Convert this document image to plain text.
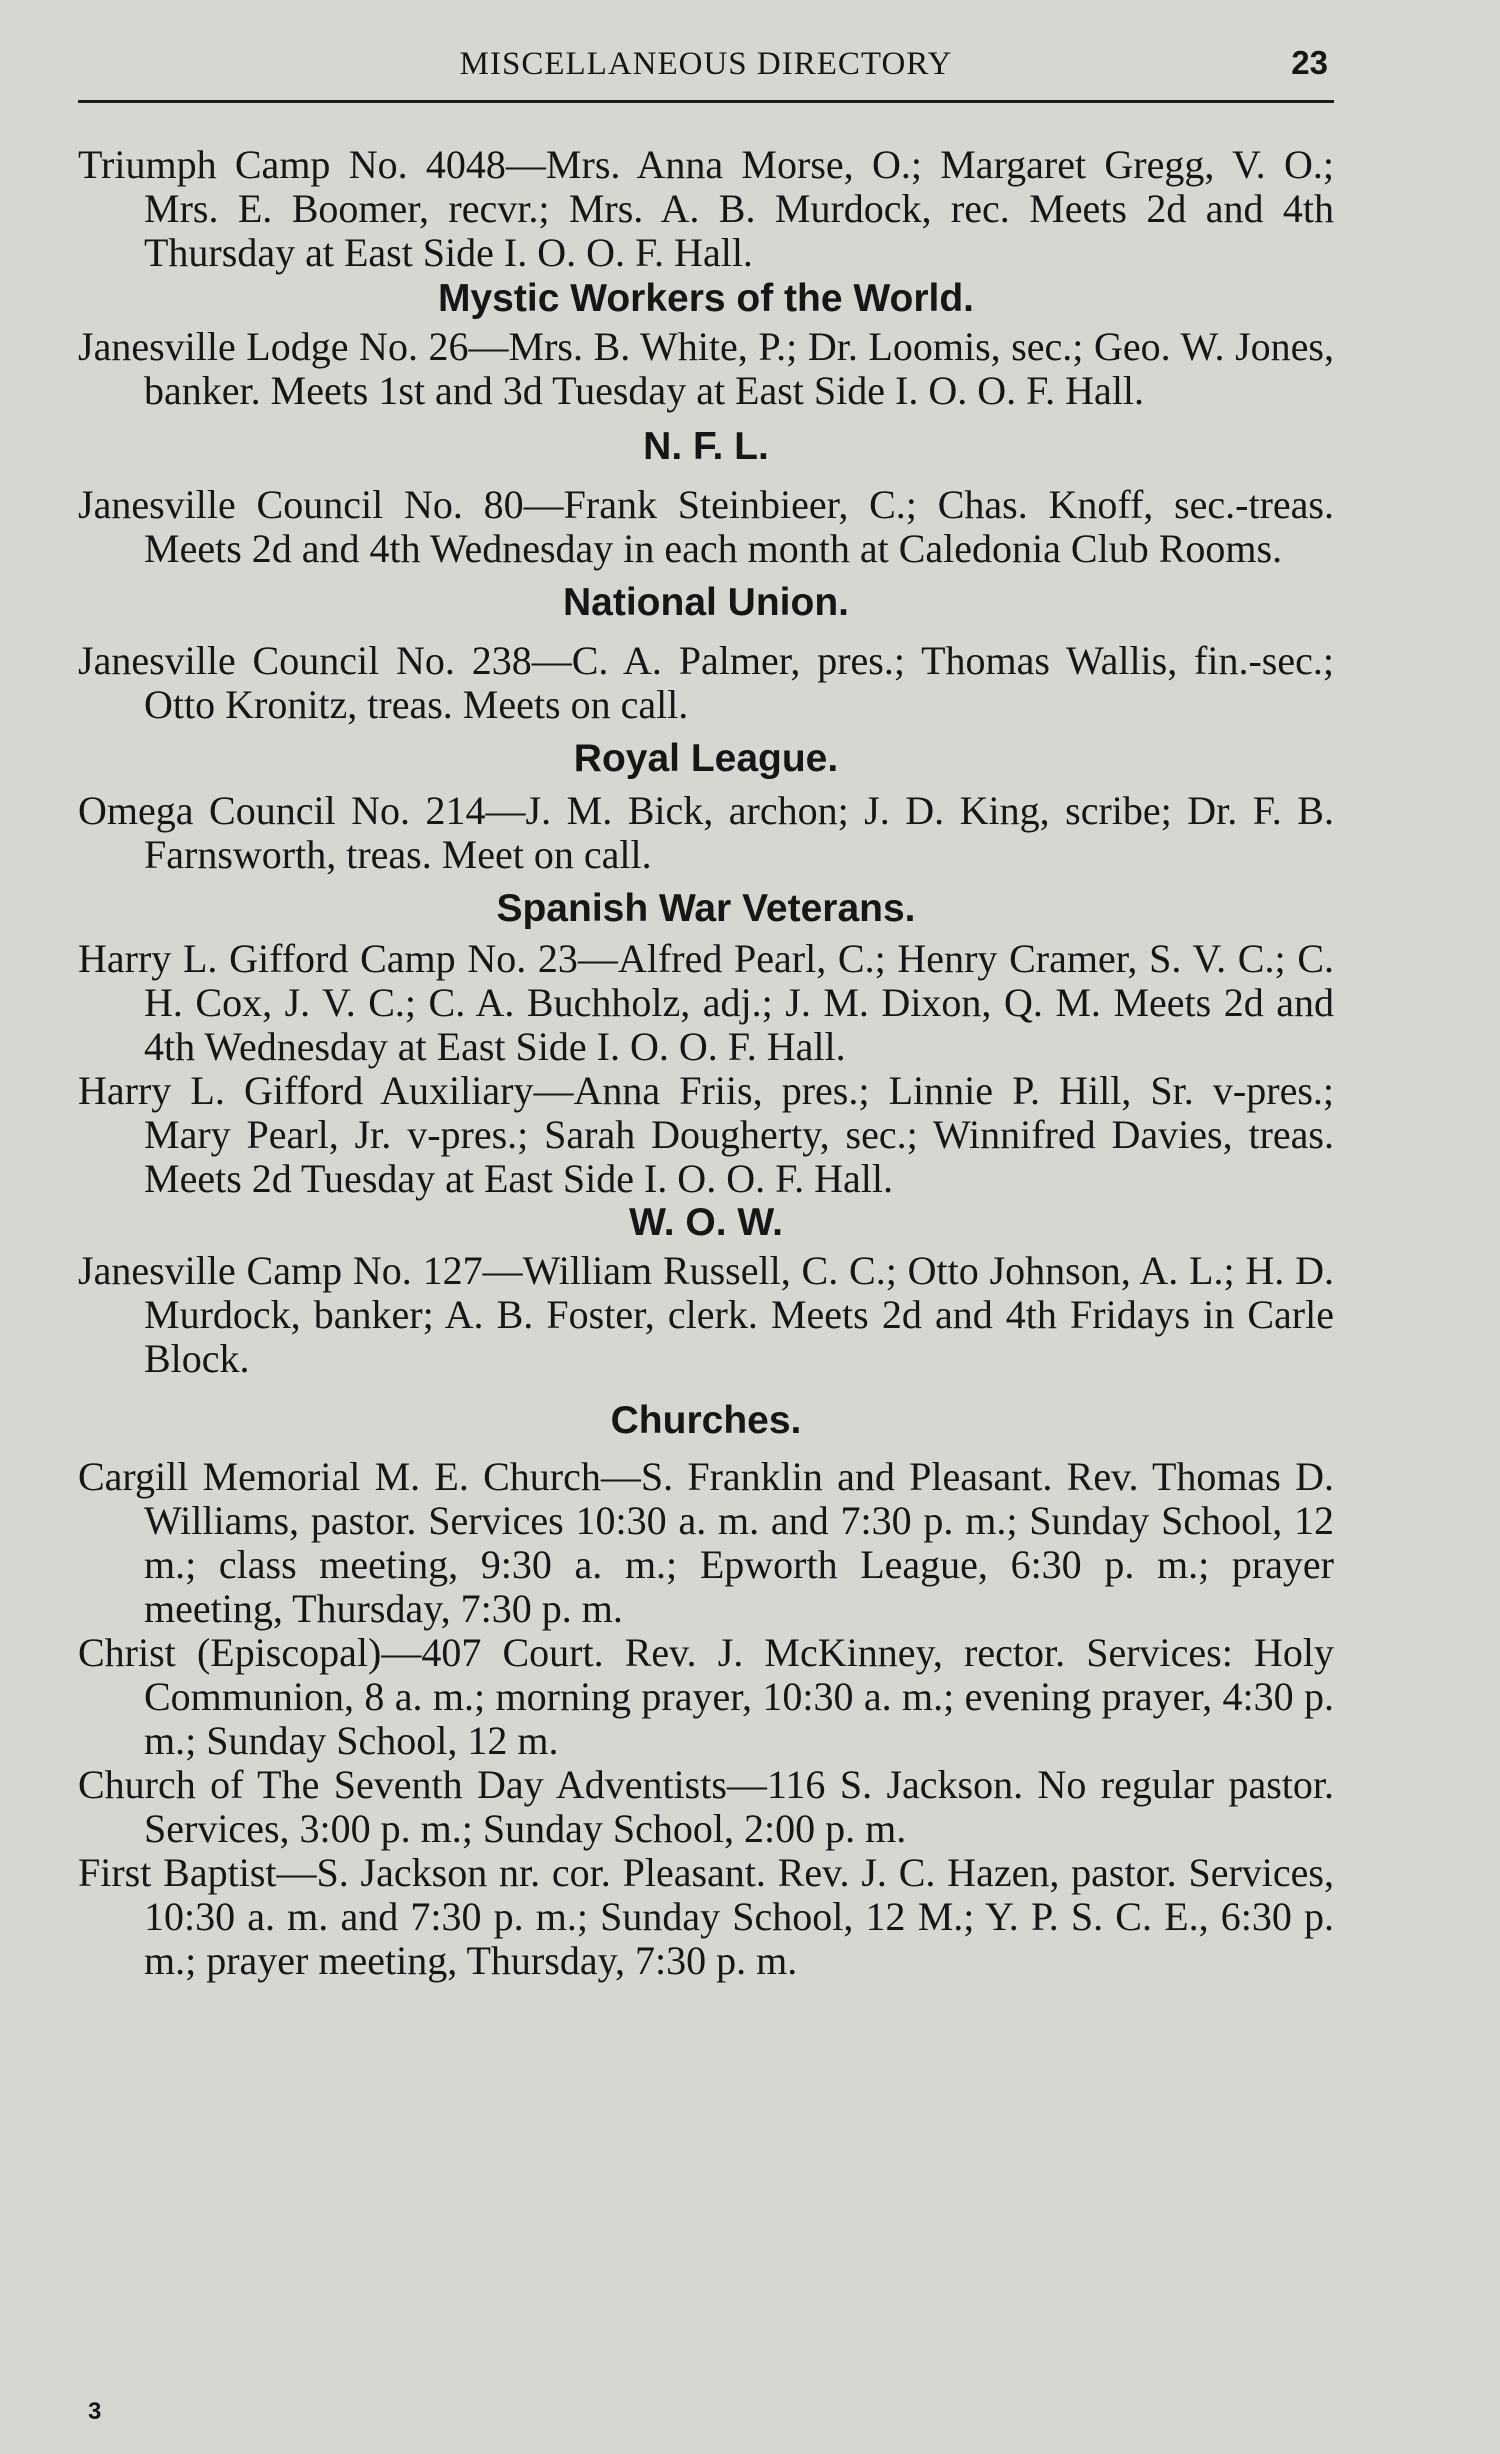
MISCELLANEOUS DIRECTORY	23

Triumph Camp No. 4048—Mrs. Anna Morse, O.; Margaret Gregg, V. O.; Mrs. E. Boomer, recvr.; Mrs. A. B. Murdock, rec. Meets 2d and 4th Thursday at East Side I. O. O. F. Hall.

Mystic Workers of the World.

Janesville Lodge No. 26—Mrs. B. White, P.; Dr. Loomis, sec.; Geo. W. Jones, banker. Meets 1st and 3d Tuesday at East Side I. O. O. F. Hall.

N. F. L.

Janesville Council No. 80—Frank Steinbieer, C.; Chas. Knoff, sec.-treas. Meets 2d and 4th Wednesday in each month at Caledonia Club Rooms.

National Union.

Janesville Council No. 238—C. A. Palmer, pres.; Thomas Wallis, fin.-sec.; Otto Kronitz, treas. Meets on call.

Royal League.

Omega Council No. 214—J. M. Bick, archon; J. D. King, scribe; Dr. F. B. Farnsworth, treas. Meet on call.

Spanish War Veterans.

Harry L. Gifford Camp No. 23—Alfred Pearl, C.; Henry Cramer, S. V. C.; C. H. Cox, J. V. C.; C. A. Buchholz, adj.; J. M. Dixon, Q. M. Meets 2d and 4th Wednesday at East Side I. O. O. F. Hall.

Harry L. Gifford Auxiliary—Anna Friis, pres.; Linnie P. Hill, Sr. v-pres.; Mary Pearl, Jr. v-pres.; Sarah Dougherty, sec.; Winnifred Davies, treas. Meets 2d Tuesday at East Side I. O. O. F. Hall.

W. O. W.

Janesville Camp No. 127—William Russell, C. C.; Otto Johnson, A. L.; H. D. Murdock, banker; A. B. Foster, clerk. Meets 2d and 4th Fridays in Carle Block.

Churches.

Cargill Memorial M. E. Church—S. Franklin and Pleasant. Rev. Thomas D. Williams, pastor. Services 10:30 a. m. and 7:30 p. m.; Sunday School, 12 m.; class meeting, 9:30 a. m.; Epworth League, 6:30 p. m.; prayer meeting, Thursday, 7:30 p. m.

Christ (Episcopal)—407 Court. Rev. J. McKinney, rector. Services: Holy Communion, 8 a. m.; morning prayer, 10:30 a. m.; evening prayer, 4:30 p. m.; Sunday School, 12 m.

Church of The Seventh Day Adventists—116 S. Jackson. No regular pastor. Services, 3:00 p. m.; Sunday School, 2:00 p. m.

First Baptist—S. Jackson nr. cor. Pleasant. Rev. J. C. Hazen, pastor. Services, 10:30 a. m. and 7:30 p. m.; Sunday School, 12 M.; Y. P. S. C. E., 6:30 p. m.; prayer meeting, Thursday, 7:30 p. m.

3
